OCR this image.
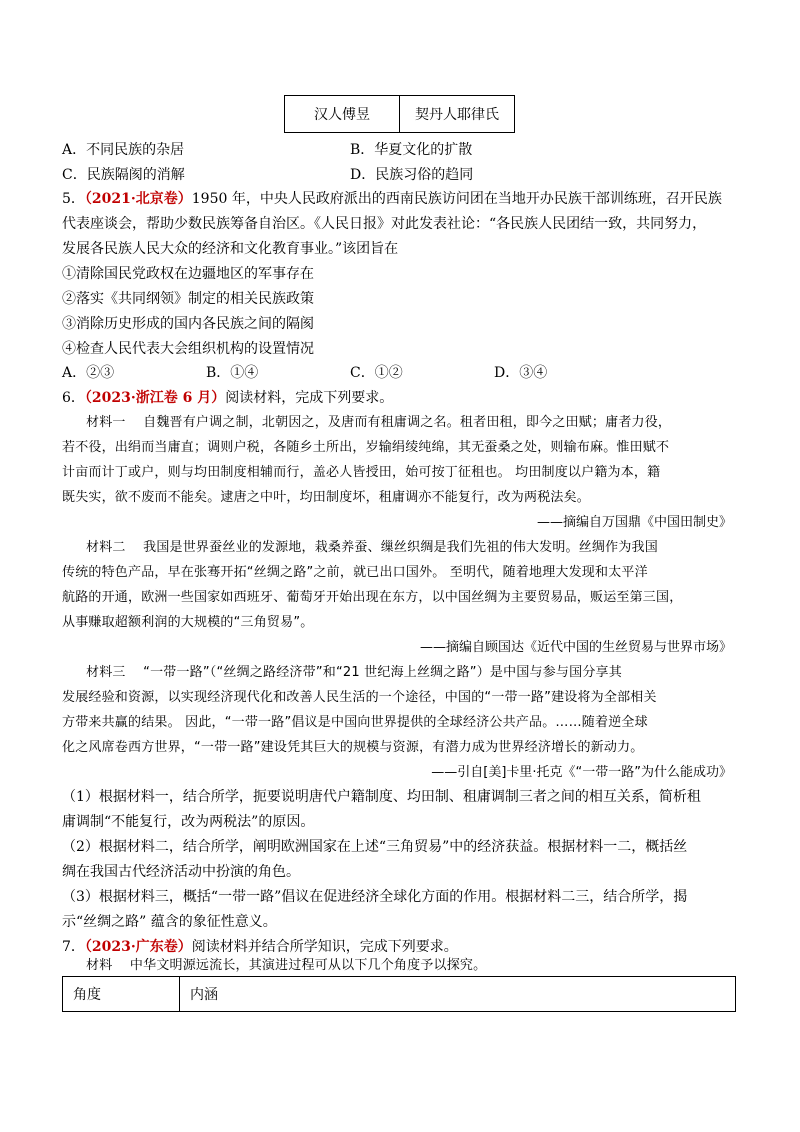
汉人傅昱	契丹人耶律氏
A．不同民族的杂居	B．华夏文化的扩散
C．民族隔阂的消解	D．民族习俗的趋同
5．（2021·北京卷）1950 年，中央人民政府派出的西南民族访问团在当地开办民族干部训练班，召开民族
代表座谈会，帮助少数民族筹备自治区。《人民日报》对此发表社论：“各民族人民团结一致，共同努力，
发展各民族人民大众的经济和文化教育事业。”该团旨在
①清除国民党政权在边疆地区的军事存在
②落实《共同纲领》制定的相关民族政策
③消除历史形成的国内各民族之间的隔阂
④检查人民代表大会组织机构的设置情况
A．②③	B．①④	C．①②	D．③④
6．（2023·浙江卷 6 月）阅读材料，完成下列要求。
材料一　 自魏晋有户调之制，北朝因之，及唐而有租庸调之名。租者田租，即今之田赋；庸者力役，
若不役，出绢而当庸直；调则户税，各随乡土所出，岁输绢绫纯绵，其无蚕桑之处，则输布麻。惟田赋不
计亩而计丁或户，则与均田制度相辅而行，盖必人皆授田，始可按丁征租也。 均田制度以户籍为本，籍
既失实，欲不废而不能矣。逮唐之中叶，均田制度坏，租庸调亦不能复行，改为两税法矣。
——摘编自万国鼎《中国田制史》
材料二　 我国是世界蚕丝业的发源地，栽桑养蚕、缫丝织绸是我们先祖的伟大发明。丝绸作为我国
传统的特色产品，早在张骞开拓“丝绸之路”之前，就已出口国外。 至明代，随着地理大发现和太平洋
航路的开通，欧洲一些国家如西班牙、葡萄牙开始出现在东方，以中国丝绸为主要贸易品，贩运至第三国，
从事赚取超额利润的大规模的“三角贸易”。
——摘编自顾国达《近代中国的生丝贸易与世界市场》
材料三　 “一带一路”（“丝绸之路经济带”和“21 世纪海上丝绸之路”）是中国与参与国分享其
发展经验和资源，以实现经济现代化和改善人民生活的一个途径，中国的“一带一路”建设将为全部相关
方带来共赢的结果。 因此，“一带一路”倡议是中国向世界提供的全球经济公共产品。……随着逆全球
化之风席卷西方世界，“一带一路”建设凭其巨大的规模与资源，有潜力成为世界经济增长的新动力。
——引自[美]卡里·托克《“一带一路”为什么能成功》
（1）根据材料一，结合所学，扼要说明唐代户籍制度、均田制、租庸调制三者之间的相互关系，简析租
庸调制“不能复行，改为两税法”的原因。
（2）根据材料二，结合所学，阐明欧洲国家在上述“三角贸易”中的经济获益。根据材料一二，概括丝
绸在我国古代经济活动中扮演的角色。
（3）根据材料三，概括“一带一路”倡议在促进经济全球化方面的作用。根据材料二三，结合所学，揭
示“丝绸之路” 蕴含的象征性意义。
7．（2023·广东卷）阅读材料并结合所学知识，完成下列要求。
材料　 中华文明源远流长，其演进过程可从以下几个角度予以探究。
角度	内涵
